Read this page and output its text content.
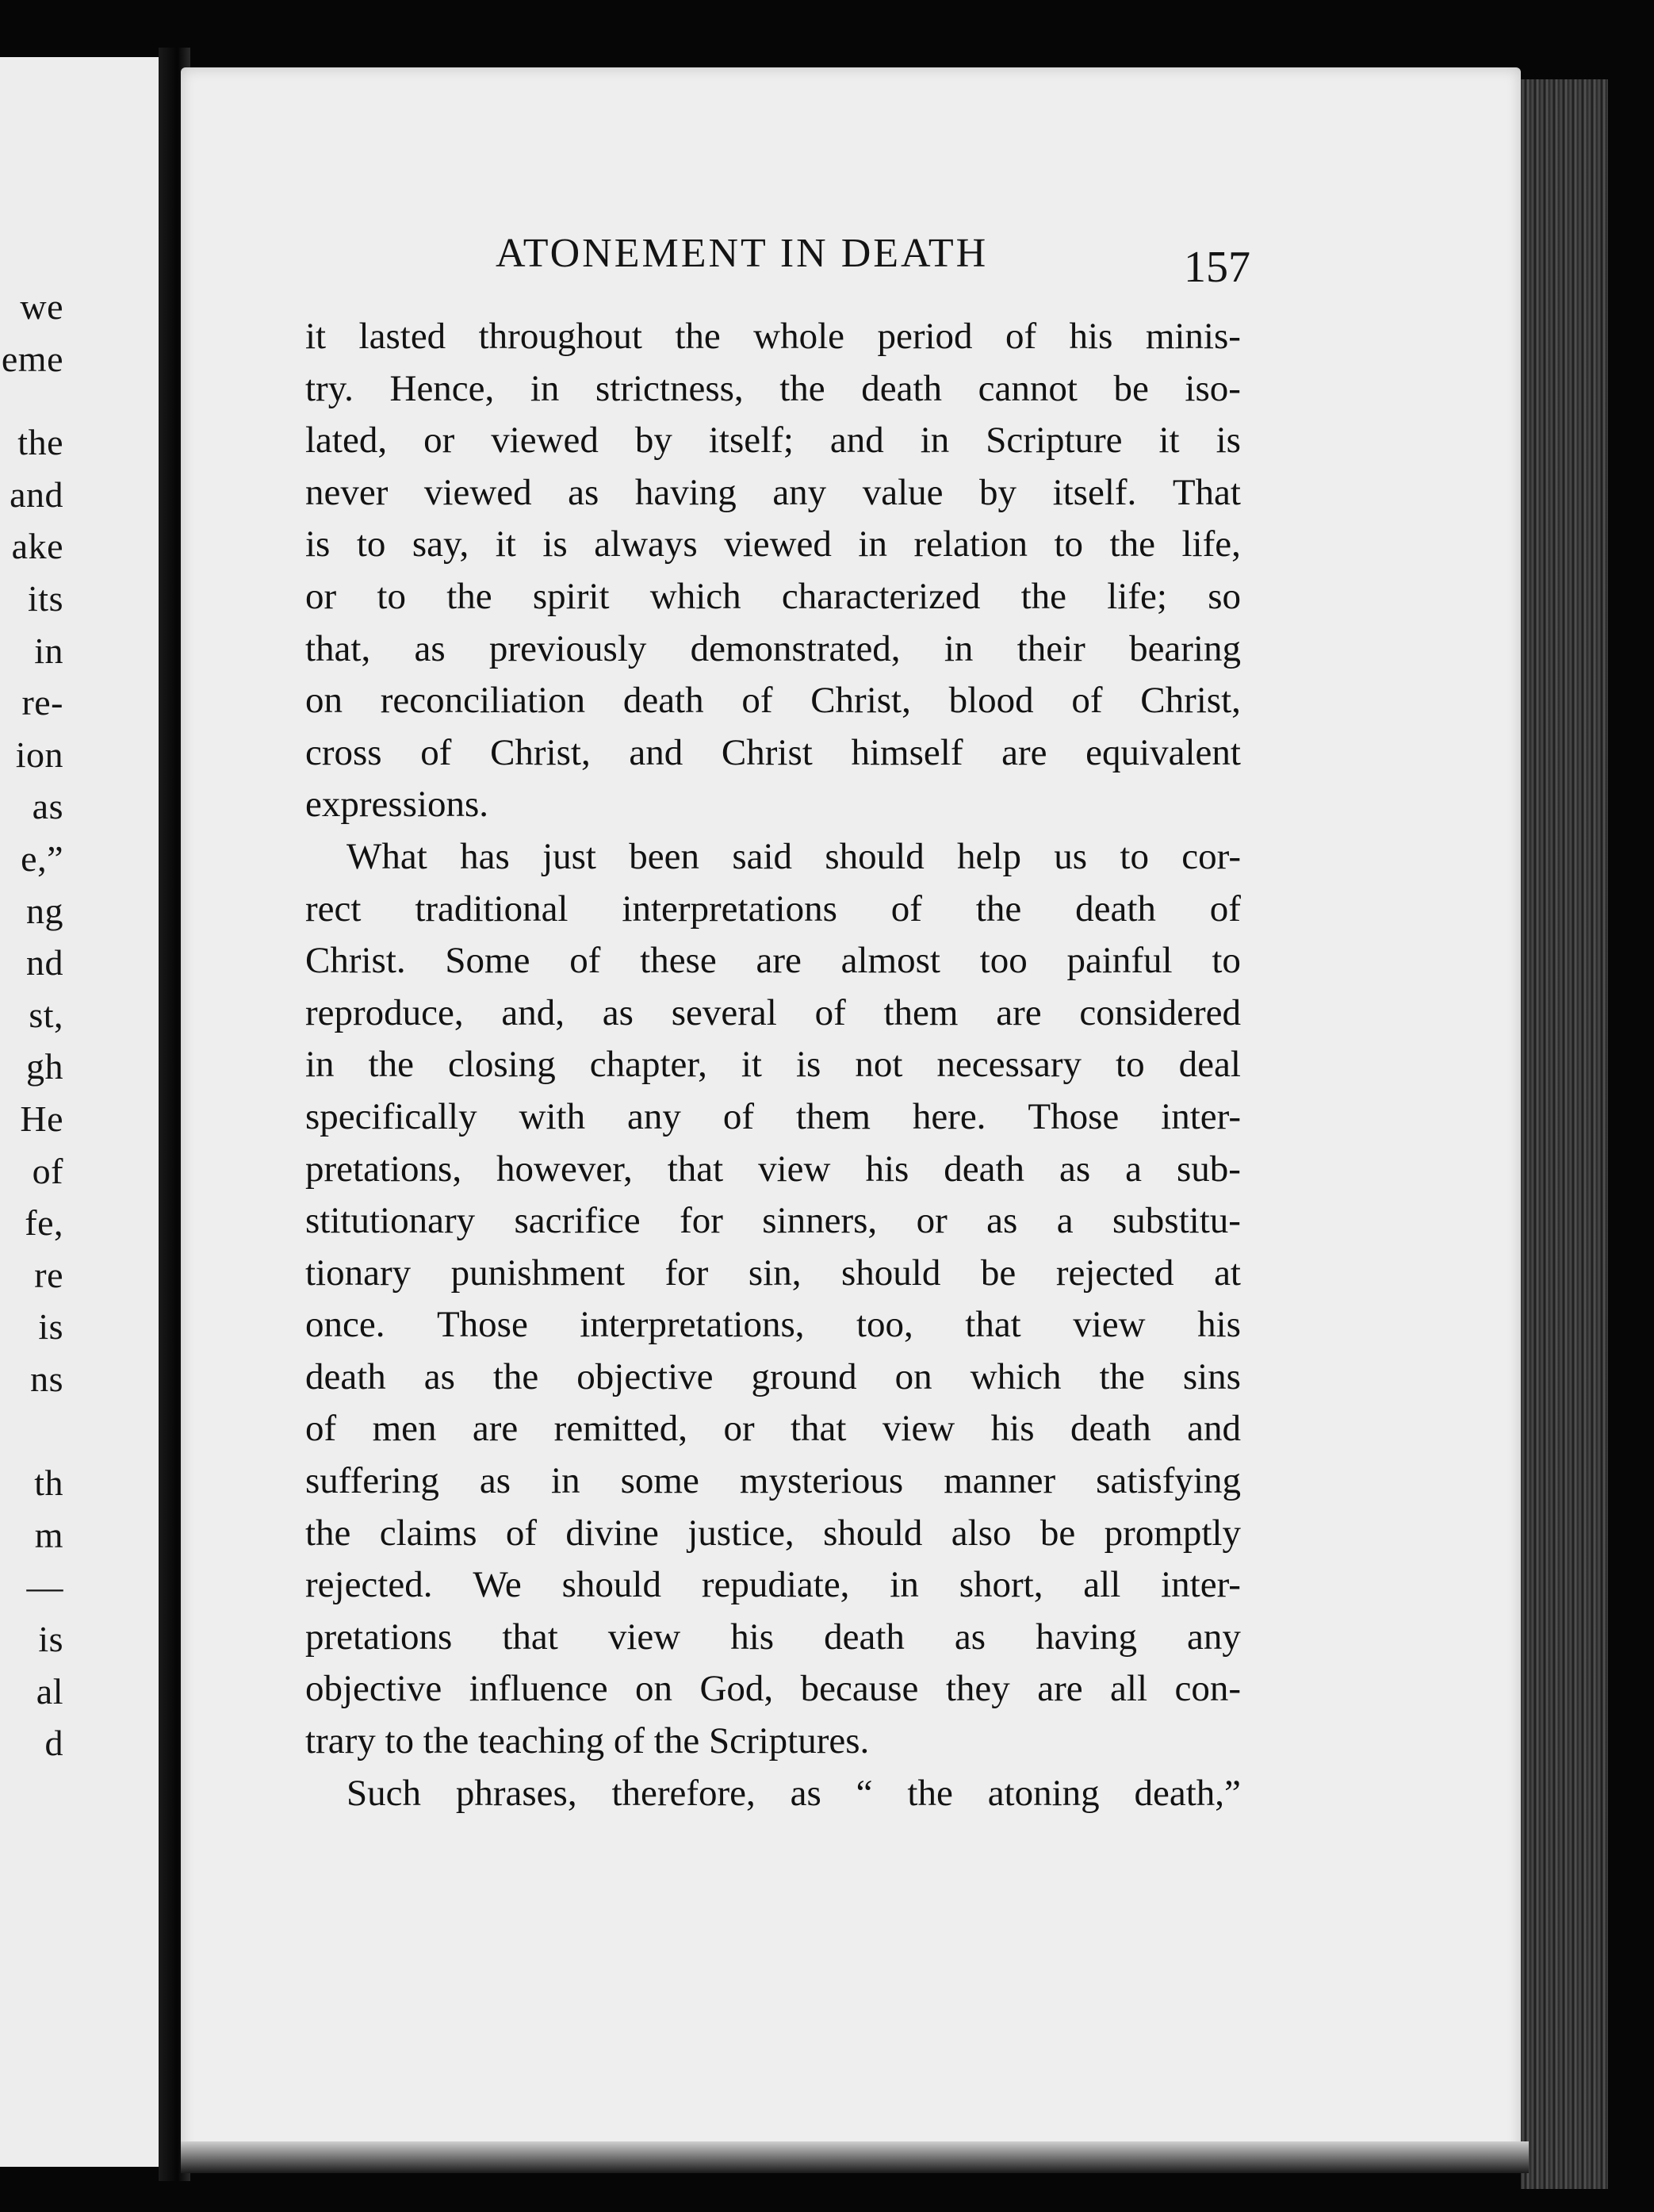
we
eme
the
and
ake
its
in
re-
ion
as
e,”
ng
nd
st,
gh
He
of
fe,
re
is
ns
th
m
—
is
al
d
ATONEMENT IN DEATH	157
it lasted throughout the whole period of his minis-
try. Hence, in strictness, the death cannot be iso-
lated, or viewed by itself; and in Scripture it is
never viewed as having any value by itself. That
is to say, it is always viewed in relation to the life,
or to the spirit which characterized the life; so
that, as previously demonstrated, in their bearing
on reconciliation death of Christ, blood of Christ,
cross of Christ, and Christ himself are equivalent
expressions.
What has just been said should help us to cor-
rect traditional interpretations of the death of
Christ. Some of these are almost too painful to
reproduce, and, as several of them are considered
in the closing chapter, it is not necessary to deal
specifically with any of them here. Those inter-
pretations, however, that view his death as a sub-
stitutionary sacrifice for sinners, or as a substitu-
tionary punishment for sin, should be rejected at
once. Those interpretations, too, that view his
death as the objective ground on which the sins
of men are remitted, or that view his death and
suffering as in some mysterious manner satisfying
the claims of divine justice, should also be promptly
rejected. We should repudiate, in short, all inter-
pretations that view his death as having any
objective influence on God, because they are all con-
trary to the teaching of the Scriptures.
Such phrases, therefore, as “ the atoning death,”
